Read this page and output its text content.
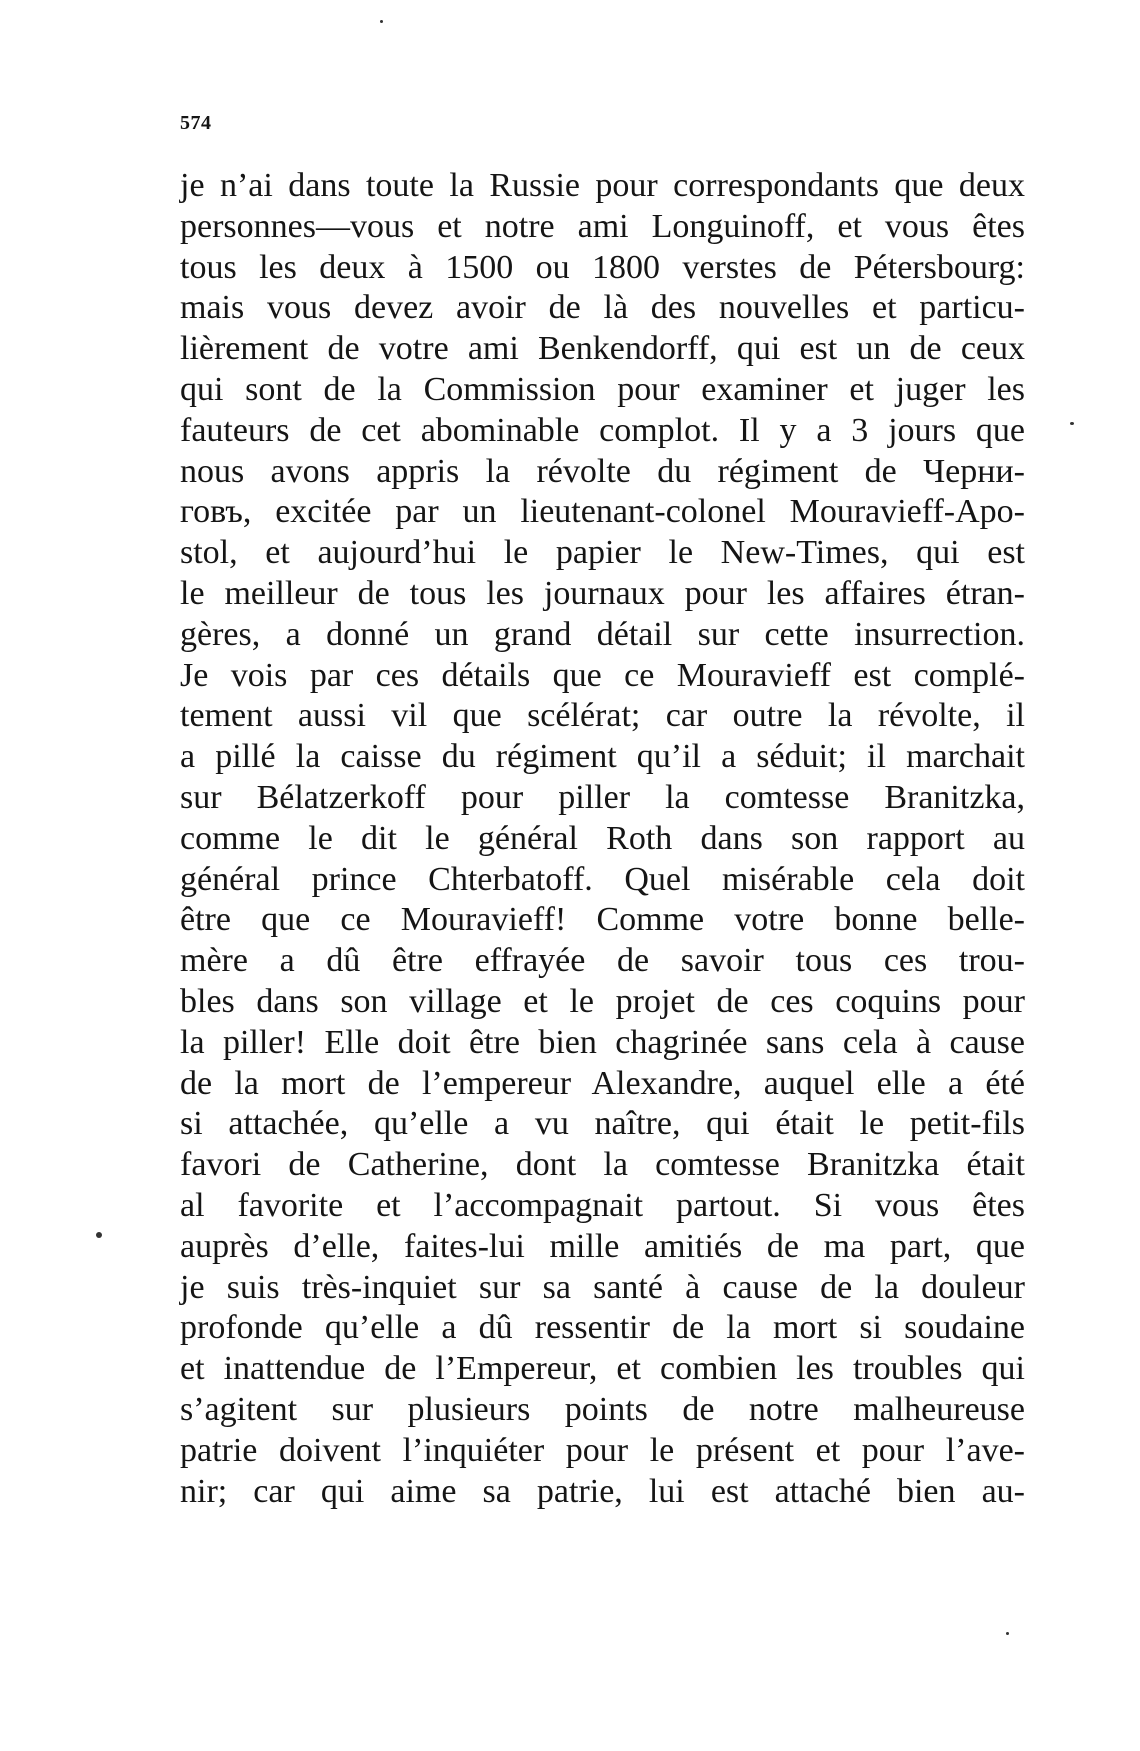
574
je n’ai dans toute la Russie pour correspondants que deux
personnes—vous et notre ami Longuinoff, et vous êtes
tous les deux à 1500 ou 1800 verstes de Pétersbourg:
mais vous devez avoir de là des nouvelles et particu-
lièrement de votre ami Benkendorff, qui est un de ceux
qui sont de la Commission pour examiner et juger les
fauteurs de cet abominable complot. Il y a 3 jours que
nous avons appris la révolte du régiment de Черни-
говъ, excitée par un lieutenant-colonel Mouravieff-Apo-
stol, et aujourd’hui le papier le New-Times, qui est
le meilleur de tous les journaux pour les affaires étran-
gères, a donné un grand détail sur cette insurrection.
Je vois par ces détails que ce Mouravieff est complé-
tement aussi vil que scélérat; car outre la révolte, il
a pillé la caisse du régiment qu’il a séduit; il marchait
sur Bélatzerkoff pour piller la comtesse Branitzka,
comme le dit le général Roth dans son rapport au
général prince Chterbatoff. Quel misérable cela doit
être que ce Mouravieff! Comme votre bonne belle-
mère a dû être effrayée de savoir tous ces trou-
bles dans son village et le projet de ces coquins pour
la piller! Elle doit être bien chagrinée sans cela à cause
de la mort de l’empereur Alexandre, auquel elle a été
si attachée, qu’elle a vu naître, qui était le petit-fils
favori de Catherine, dont la comtesse Branitzka était
al favorite et l’accompagnait partout. Si vous êtes
auprès d’elle, faites-lui mille amitiés de ma part, que
je suis très-inquiet sur sa santé à cause de la douleur
profonde qu’elle a dû ressentir de la mort si soudaine
et inattendue de l’Empereur, et combien les troubles qui
s’agitent sur plusieurs points de notre malheureuse
patrie doivent l’inquiéter pour le présent et pour l’ave-
nir; car qui aime sa patrie, lui est attaché bien au-
